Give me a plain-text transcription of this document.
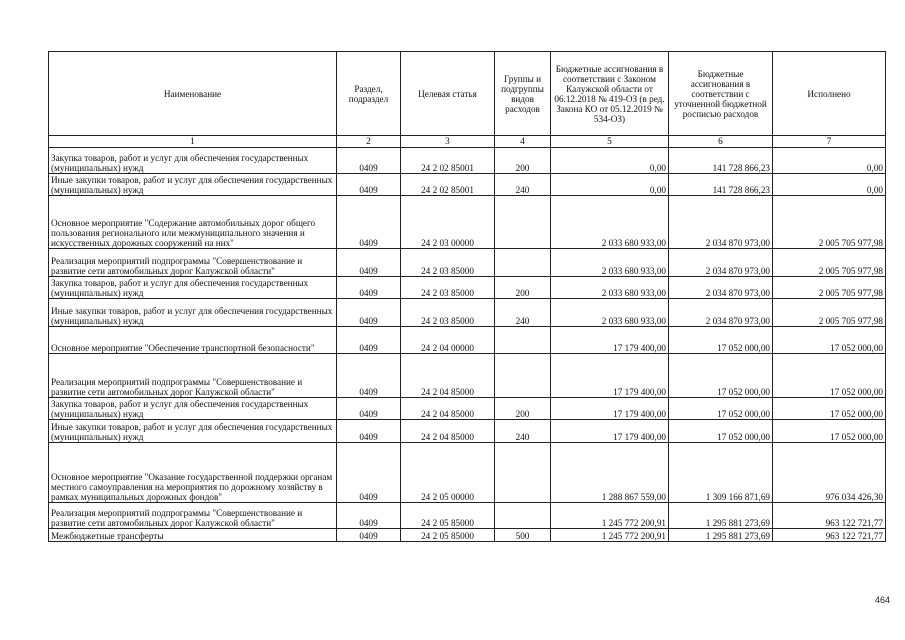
Наименование	Раздел, подраздел	Целевая статья	Группы и подгруппы видов расходов	Бюджетные ассигнования в соответствии с Законом Калужской области от 06.12.2018 № 419-ОЗ (в ред. Закона КО от 05.12.2019 № 534-ОЗ)	Бюджетные ассигнования в соответствии с уточненной бюджетной росписью расходов	Исполнено
1	2	3	4	5	6	7
Закупка товаров, работ и услуг для обеспечения государственных (муниципальных) нужд	0409	24 2 02 85001	200	0,00	141 728 866,23	0,00
Иные закупки товаров, работ и услуг для обеспечения государственных (муниципальных) нужд	0409	24 2 02 85001	240	0,00	141 728 866,23	0,00
Основное мероприятие "Содержание автомобильных дорог общего пользования регионального или межмуниципального значения и искусственных дорожных сооружений на них"	0409	24 2 03 00000		2 033 680 933,00	2 034 870 973,00	2 005 705 977,98
Реализация мероприятий подпрограммы "Совершенствование и развитие сети автомобильных дорог Калужской области"	0409	24 2 03 85000		2 033 680 933,00	2 034 870 973,00	2 005 705 977,98
Закупка товаров, работ и услуг для обеспечения государственных (муниципальных) нужд	0409	24 2 03 85000	200	2 033 680 933,00	2 034 870 973,00	2 005 705 977,98
Иные закупки товаров, работ и услуг для обеспечения государственных (муниципальных) нужд	0409	24 2 03 85000	240	2 033 680 933,00	2 034 870 973,00	2 005 705 977,98
Основное мероприятие "Обеспечение транспортной безопасности"	0409	24 2 04 00000		17 179 400,00	17 052 000,00	17 052 000,00
Реализация мероприятий подпрограммы "Совершенствование и развитие сети автомобильных дорог Калужской области"	0409	24 2 04 85000		17 179 400,00	17 052 000,00	17 052 000,00
Закупка товаров, работ и услуг для обеспечения государственных (муниципальных) нужд	0409	24 2 04 85000	200	17 179 400,00	17 052 000,00	17 052 000,00
Иные закупки товаров, работ и услуг для обеспечения государственных (муниципальных) нужд	0409	24 2 04 85000	240	17 179 400,00	17 052 000,00	17 052 000,00
Основное мероприятие "Оказание государственной поддержки органам местного самоуправления на мероприятия по дорожному хозяйству в рамках муниципальных дорожных фондов"	0409	24 2 05 00000		1 288 867 559,00	1 309 166 871,69	976 034 426,30
Реализация мероприятий подпрограммы "Совершенствование и развитие сети автомобильных дорог Калужской области"	0409	24 2 05 85000		1 245 772 200,91	1 295 881 273,69	963 122 721,77
Межбюджетные трансферты	0409	24 2 05 85000	500	1 245 772 200,91	1 295 881 273,69	963 122 721,77
464
